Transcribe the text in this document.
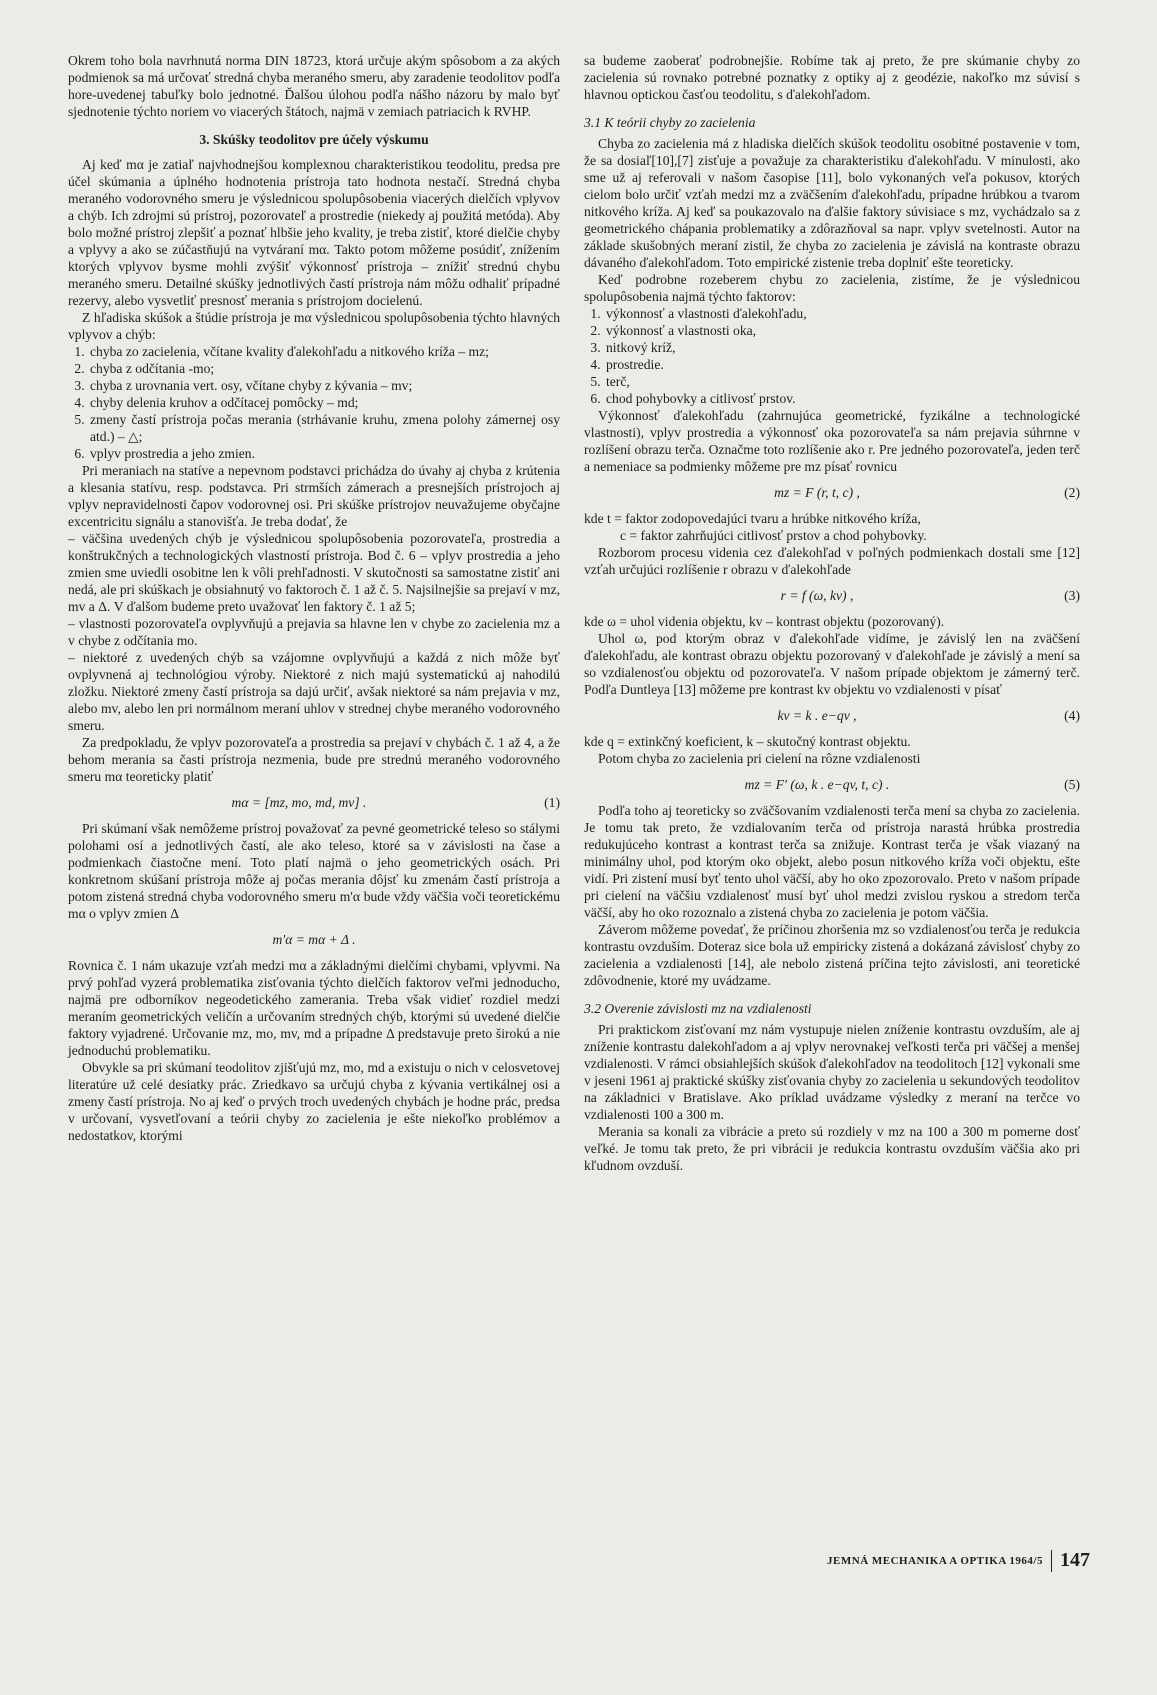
Okrem toho bola navrhnutá norma DIN 18723, ktorá určuje akým spôsobom a za akých podmienok sa má určovať stredná chyba meraného smeru, aby zaradenie teodolitov podľa hore-uvedenej tabuľky bolo jednotné. Ďalšou úlohou podľa nášho názoru by malo byť sjednotenie týchto noriem vo viacerých štátoch, najmä v zemiach patriacich k RVHP.

3. Skúšky teodolitov pre účely výskumu

Aj keď mα je zatiaľ najvhodnejšou komplexnou charakteristikou teodolitu, predsa pre účel skúmania a úplného hodnotenia prístroja tato hodnota nestačí. Stredná chyba meraného vodorovného smeru je výslednicou spolupôsobenia viacerých dielčích vplyvov a chýb. Ich zdrojmi sú prístroj, pozorovateľ a prostredie (niekedy aj použitá metóda). Aby bolo možné prístroj zlepšiť a poznať hlbšie jeho kvality, je treba zistiť, ktoré dielčie chyby a vplyvy a ako se zúčastňujú na vytváraní mα. Takto potom môžeme posúdiť, znížením ktorých vplyvov bysme mohli zvýšiť výkonnosť prístroja – znížiť strednú chybu meraného smeru. Detailné skúšky jednotlivých častí prístroja nám môžu odhaliť prípadné rezervy, alebo vysvetliť presnosť merania s prístrojom docielenú.

Z hľadiska skúšok a štúdie prístroja je mα výslednicou spolupôsobenia týchto hlavných vplyvov a chýb:

1. chyba zo zacielenia, včítane kvality ďalekohľadu a nitkového kríža – mz;
2. chyba z odčítania -mo;
3. chyba z urovnania vert. osy, včítane chyby z kývania – mv;
4. chyby delenia kruhov a odčítacej pomôcky – md;
5. zmeny častí prístroja počas merania (strhávanie kruhu, zmena polohy zámernej osy atd.) – △;
6. vplyv prostredia a jeho zmien.

Pri meraniach na statíve a nepevnom podstavci prichádza do úvahy aj chyba z krútenia a klesania statívu, resp. podstavca. Pri strmších zámerach a presnejších prístrojoch aj vplyv nepravidelnosti čapov vodorovnej osi. Pri skúške prístrojov neuvažujeme obyčajne excentricitu signálu a stanovišťa. Je treba dodať, že

– väčšina uvedených chýb je výslednicou spolupôsobenia pozorovateľa, prostredia a konštrukčných a technologických vlastností prístroja. Bod č. 6 – vplyv prostredia a jeho zmien sme uviedli osobitne len k vôli prehľadnosti. V skutočnosti sa samostatne zistiť ani nedá, ale pri skúškach je obsiahnutý vo faktoroch č. 1 až č. 5. Najsilnejšie sa prejaví v mz, mv a Δ. V ďalšom budeme preto uvažovať len faktory č. 1 až 5;

– vlastnosti pozorovateľa ovplyvňujú a prejavia sa hlavne len v chybe zo zacielenia mz a v chybe z odčítania mo.

– niektoré z uvedených chýb sa vzájomne ovplyvňujú a každá z nich môže byť ovplyvnená aj technológiou výroby. Niektoré z nich majú systematickú aj nahodilú zložku. Niektoré zmeny častí prístroja sa dajú určiť, avšak niektoré sa nám prejavia v mz, alebo mv, alebo len pri normálnom meraní uhlov v strednej chybe meraného vodorovného smeru.

Za predpokladu, že vplyv pozorovateľa a prostredia sa prejaví v chybách č. 1 až 4, a že behom merania sa časti prístroja nezmenia, bude pre strednú meraného vodorovného smeru mα teoreticky platiť

mα = [mz, mo, md, mv] .	(1)

Pri skúmaní však nemôžeme prístroj považovať za pevné geometrické teleso so stálymi polohami osí a jednotlivých častí, ale ako teleso, ktoré sa v závislosti na čase a podmienkach čiastočne mení. Toto platí najmä o jeho geometrických osách. Pri konkretnom skúšaní prístroja môže aj počas merania dôjsť ku zmenám častí prístroja a potom zistená stredná chyba vodorovného smeru m'α bude vždy väčšia voči teoretickému mα o vplyv zmien Δ

m'α = mα + Δ .

Rovnica č. 1 nám ukazuje vzťah medzi mα a základnými dielčími chybami, vplyvmi. Na prvý pohľad vyzerá problematika zisťovania týchto dielčích faktorov veľmi jednoducho, najmä pre odborníkov negeodetického zamerania. Treba však vidieť rozdiel medzi meraním geometrických veličín a určovaním stredných chýb, ktorými sú uvedené dielčie faktory vyjadrené. Určovanie mz, mo, mv, md a prípadne Δ predstavuje preto širokú a nie jednoduchú problematiku.

Obvykle sa pri skúmaní teodolitov zjišťujú mz, mo, md a existuju o nich v celosvetovej literatúre už celé desiatky prác. Zriedkavo sa určujú chyba z kývania vertikálnej osi a zmeny častí prístroja. No aj keď o prvých troch uvedených chybách je hodne prác, predsa v určovaní, vysvetľovaní a teórii chyby zo zacielenia je ešte niekoľko problémov a nedostatkov, ktorými

sa budeme zaoberať podrobnejšie. Robíme tak aj preto, že pre skúmanie chyby zo zacielenia sú rovnako potrebné poznatky z optiky aj z geodézie, nakoľko mz súvisí s hlavnou optickou časťou teodolitu, s ďalekohľadom.

3.1 K teórii chyby zo zacielenia

Chyba zo zacielenia má z hladiska dielčích skúšok teodolitu osobitné postavenie v tom, že sa dosiaľ[10],[7] zisťuje a považuje za charakteristiku ďalekohľadu. V minulosti, ako sme už aj referovali v našom časopise [11], bolo vykonaných veľa pokusov, ktorých cielom bolo určiť vzťah medzi mz a zväčšením ďalekohľadu, prípadne hrúbkou a tvarom nitkového kríža. Aj keď sa poukazovalo na ďalšie faktory súvisiace s mz, vychádzalo sa z geometrického chápania problematiky a zdôrazňoval sa napr. vplyv svetelnosti. Autor na základe skušobných meraní zistil, že chyba zo zacielenia je závislá na kontraste obrazu dávaného ďalekohľadom. Toto empirické zistenie treba doplniť ešte teoreticky.

Keď podrobne rozeberem chybu zo zacielenia, zistíme, že je výslednicou spolupôsobenia najmä týchto faktorov:

1. výkonnosť a vlastnosti ďalekohľadu,
2. výkonnosť a vlastnosti oka,
3. nitkový kríž,
4. prostredie.
5. terč,
6. chod pohybovky a citlivosť prstov.

Výkonnosť ďalekohľadu (zahrnujúca geometrické, fyzikálne a technologické vlastnosti), vplyv prostredia a výkonnosť oka pozorovateľa sa nám prejavia súhrnne v rozlíšení obrazu terča. Označme toto rozlíšenie ako r. Pre jedného pozorovateľa, jeden terč a nemeniace sa podmienky môžeme pre mz písať rovnicu

mz = F (r, t, c) ,	(2)

kde t = faktor zodopovedajúci tvaru a hrúbke nitkového kríža,

c = faktor zahrňujúci citlivosť prstov a chod pohybovky.

Rozborom procesu videnia cez ďalekohľad v poľných podmienkach dostali sme [12] vzťah určujúci rozlíšenie r obrazu v ďalekohľade

r = f (ω, kv) ,	(3)

kde ω = uhol videnia objektu, kv – kontrast objektu (pozorovaný).

Uhol ω, pod ktorým obraz v ďalekohľade vidíme, je závislý len na zväčšení ďalekohľadu, ale kontrast obrazu objektu pozorovaný v ďalekohľade je závislý a mení sa so vzdialenosťou objektu od pozorovateľa. V našom prípade objektom je zámerný terč. Podľa Duntleya [13] môžeme pre kontrast kv objektu vo vzdialenosti v písať

kv = k . e−qv ,	(4)

kde q = extinkčný koeficient, k – skutočný kontrast objektu.

Potom chyba zo zacielenia pri cielení na rôzne vzdialenosti

mz = F′ (ω, k . e−qv, t, c) .	(5)

Podľa toho aj teoreticky so zväčšovaním vzdialenosti terča mení sa chyba zo zacielenia. Je tomu tak preto, že vzdialovaním terča od prístroja narastá hrúbka prostredia redukujúceho kontrast a kontrast terča sa znižuje. Kontrast terča je však viazaný na minimálny uhol, pod ktorým oko objekt, alebo posun nitkového kríža voči objektu, ešte vidí. Pri zistení musí byť tento uhol väčší, aby ho oko zpozorovalo. Preto v našom prípade pri cielení na väčšiu vzdialenosť musí byť uhol medzi zvislou ryskou a stredom terča väčší, aby ho oko rozoznalo a zistená chyba zo zacielenia je potom väčšia.

Záverom môžeme povedať, že príčinou zhoršenia mz so vzdialenosťou terča je redukcia kontrastu ovzduším. Doteraz sice bola už empiricky zistená a dokázaná závislosť chyby zo zacielenia a vzdialenosti [14], ale nebolo zistená príčina tejto závislosti, ani teoretické zdôvodnenie, ktoré my uvádzame.

3.2 Overenie závislosti mz na vzdialenosti

Pri praktickom zisťovaní mz nám vystupuje nielen zníženie kontrastu ovzduším, ale aj zníženie kontrastu dalekohľadom a aj vplyv nerovnakej veľkosti terča pri väčšej a menšej vzdialenosti. V rámci obsiahlejších skúšok ďalekohľadov na teodolitoch [12] vykonali sme v jeseni 1961 aj praktické skúšky zisťovania chyby zo zacielenia u sekundových teodolitov na základnici v Bratislave. Ako príklad uvádzame výsledky z meraní na terčce vo vzdialenosti 100 a 300 m.

Merania sa konali za vibrácie a preto sú rozdiely v mz na 100 a 300 m pomerne dosť veľké. Je tomu tak preto, že pri vibrácii je redukcia kontrastu ovzduším väčšia ako pri kľudnom ovzduší.

JEMNÁ MECHANIKA A OPTIKA 1964/5 147
